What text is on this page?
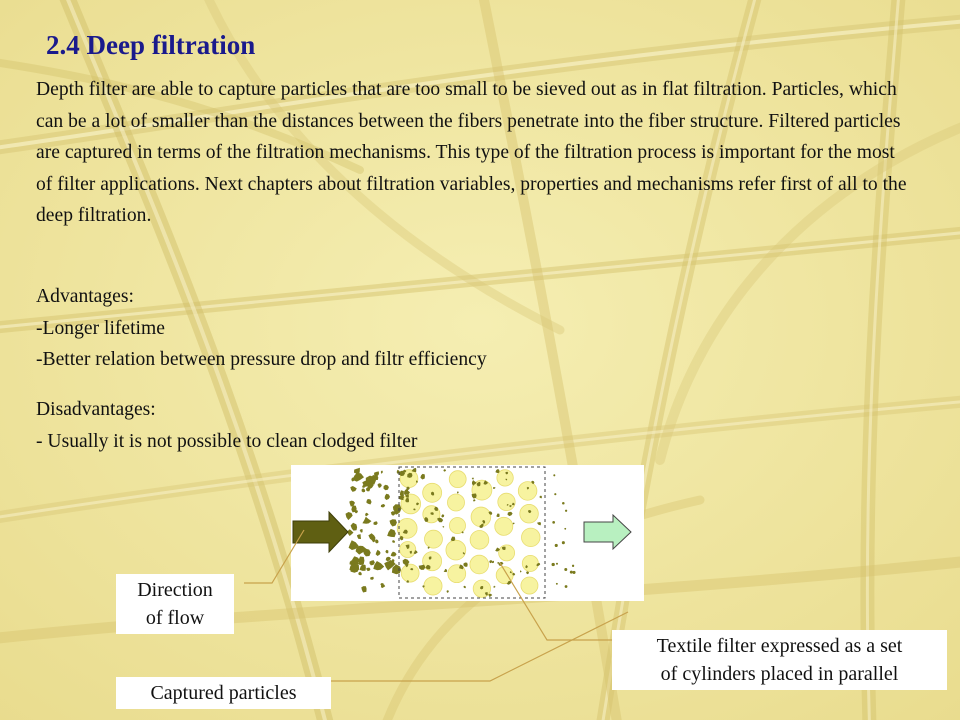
2.4 Deep filtration

Depth filter are able to capture particles that are too small to be sieved out as in flat filtration. Particles, which can be a lot of smaller than the distances between the fibers penetrate into the fiber structure. Filtered particles are captured in terms of the filtration mechanisms. This type of the filtration process is important for the most of filter applications. Next chapters about filtration variables, properties and mechanisms refer first of all to the deep filtration.

Advantages:
-Longer lifetime
-Better relation between pressure drop and filtr efficiency
Disadvantages:
- Usually it is not possible to clean clodged filter
Direction
of flow
Captured particles
Textile filter expressed as a set
of cylinders placed in parallel
